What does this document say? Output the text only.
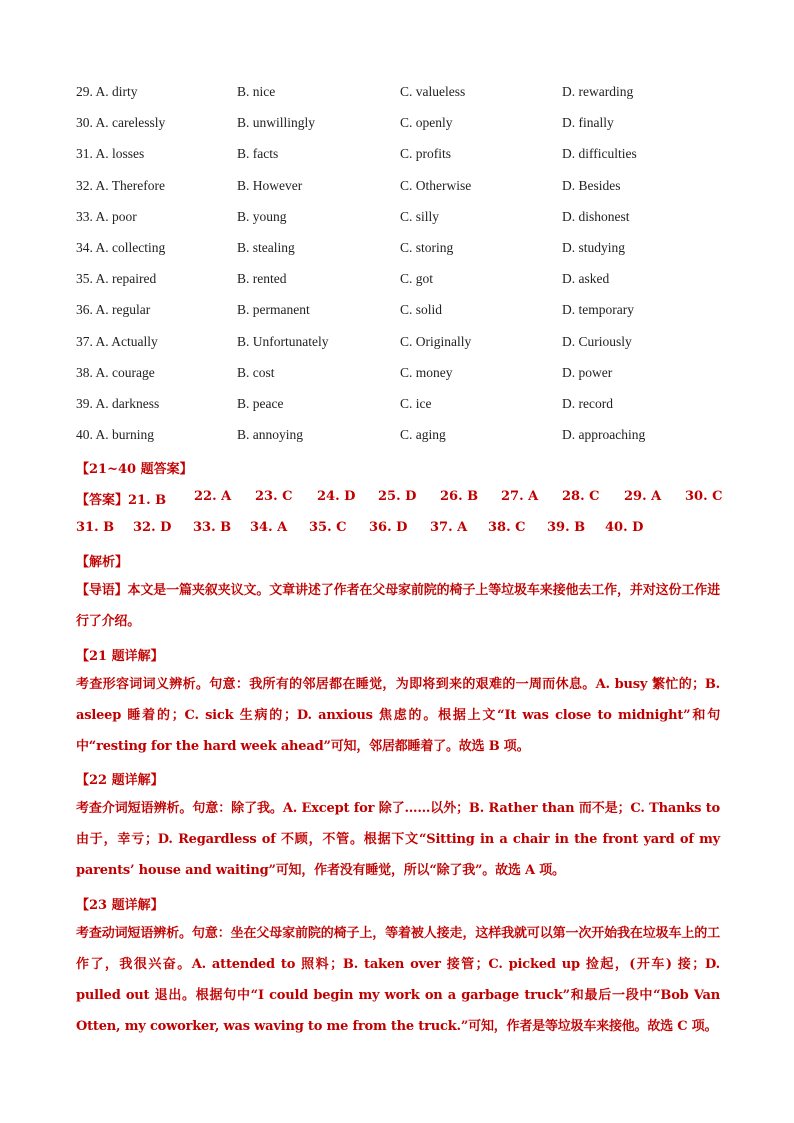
29. A. dirty	B. nice	C. valueless	D. rewarding
30. A. carelessly	B. unwillingly	C. openly	D. finally
31. A. losses	B. facts	C. profits	D. difficulties
32. A. Therefore	B. However	C. Otherwise	D. Besides
33. A. poor	B. young	C. silly	D. dishonest
34. A. collecting	B. stealing	C. storing	D. studying
35. A. repaired	B. rented	C. got	D. asked
36. A. regular	B. permanent	C. solid	D. temporary
37. A. Actually	B. Unfortunately	C. Originally	D. Curiously
38. A. courage	B. cost	C. money	D. power
39. A. darkness	B. peace	C. ice	D. record
40. A. burning	B. annoying	C. aging	D. approaching
【21~40 题答案】
【答案】21. B 22. A 23. C 24. D 25. D 26. B 27. A 28. C 29. A 30. C
31. B 32. D 33. B 34. A 35. C 36. D 37. A 38. C 39. B 40. D
【解析】
【导语】本文是一篇夹叙夹议文。文章讲述了作者在父母家前院的椅子上等垃圾车来接他去工作，并对这份工作进行了介绍。
【21 题详解】
考查形容词词义辨析。句意：我所有的邻居都在睡觉，为即将到来的艰难的一周而休息。A. busy 繁忙的；B. asleep 睡着的；C. sick 生病的；D. anxious 焦虑的。根据上文“It was close to midnight”和句中“resting for the hard week ahead”可知，邻居都睡着了。故选 B 项。
【22 题详解】
考查介词短语辨析。句意：除了我。A. Except for 除了……以外；B. Rather than 而不是；C. Thanks to 由于，幸亏；D. Regardless of 不顾，不管。根据下文“Sitting in a chair in the front yard of my parents’ house and waiting”可知，作者没有睡觉，所以“除了我”。故选 A 项。
【23 题详解】
考查动词短语辨析。句意：坐在父母家前院的椅子上，等着被人接走，这样我就可以第一次开始我在垃圾车上的工作了，我很兴奋。A. attended to 照料；B. taken over 接管；C. picked up 捡起，(开车) 接；D. pulled out 退出。根据句中“I could begin my work on a garbage truck”和最后一段中“Bob Van Otten, my coworker, was waving to me from the truck.”可知，作者是等垃圾车来接他。故选 C 项。
